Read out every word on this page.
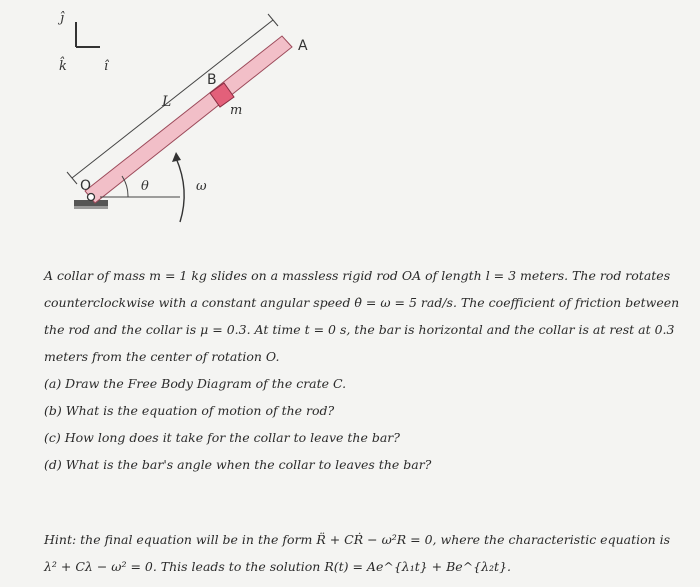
ĵ
k̂	î
L
A
B
O
m
θ	ω

A collar of mass m = 1 kg slides on a massless rigid rod OA of length l = 3 meters. The rod rotates counterclockwise with a constant angular speed θ̇ = ω = 5 rad/s. The coefficient of friction between the rod and the collar is μ = 0.3. At time t = 0 s, the bar is horizontal and the collar is at rest at 0.3 meters from the center of rotation O.

(a) Draw the Free Body Diagram of the crate C.
(b) What is the equation of motion of the rod?
(c) How long does it take for the collar to leave the bar?
(d) What is the bar's angle when the collar to leaves the bar?

Hint: the final equation will be in the form R̈ + CṘ − ω²R = 0, where the characteristic equation is λ² + Cλ − ω² = 0. This leads to the solution R(t) = Ae^{λ₁t} + Be^{λ₂t}.
